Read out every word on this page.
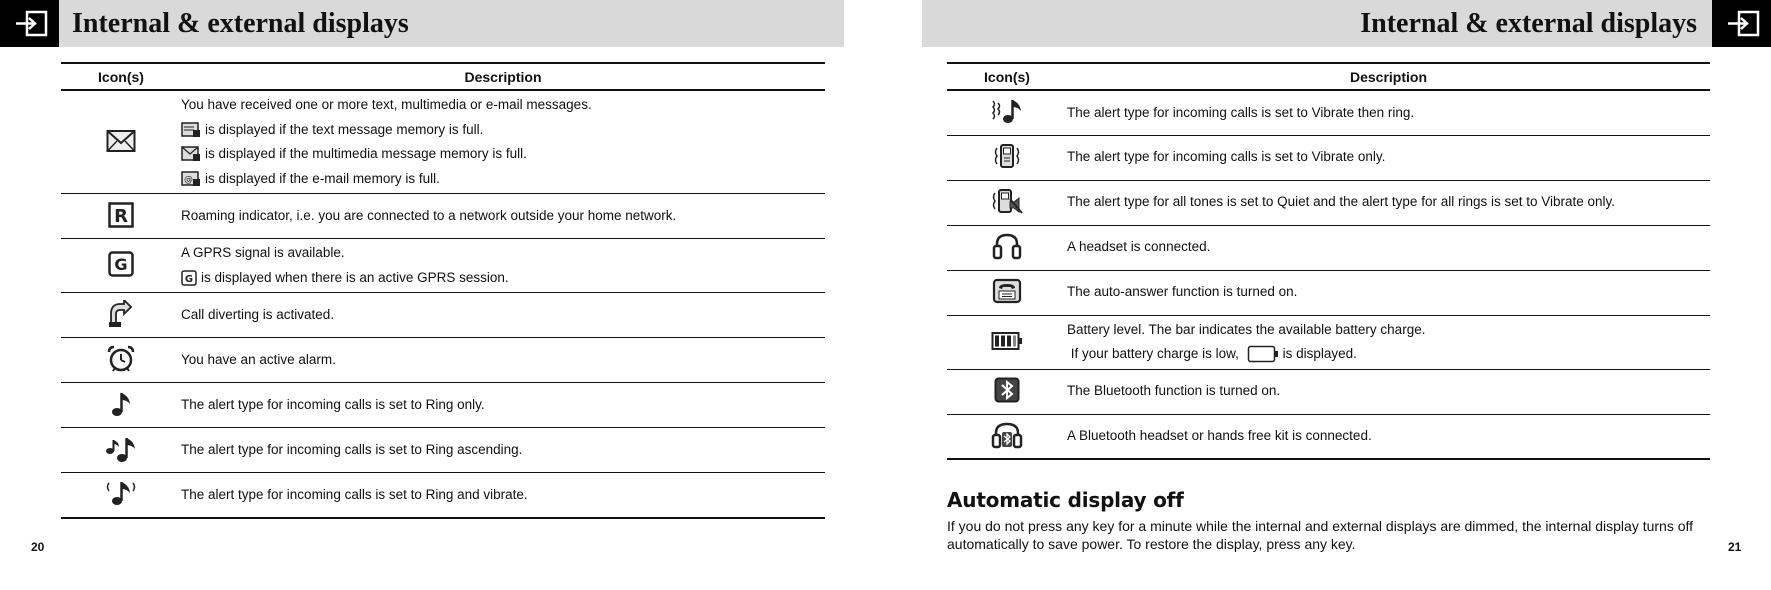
Internal & external displays	Internal & external displays
Icon(s)	Description

You have received one or more text, multimedia or e-mail messages.
is displayed if the text message memory is full.
is displayed if the multimedia message memory is full.
@ is displayed if the e-mail memory is full.

R	Roaming indicator, i.e. you are connected to a network outside your home network.

G	A GPRS signal is available.
G is displayed when there is an active GPRS session.

Call diverting is activated.

You have an active alarm.

The alert type for incoming calls is set to Ring only.

The alert type for incoming calls is set to Ring ascending.

The alert type for incoming calls is set to Ring and vibrate.
Icon(s)	Description

The alert type for incoming calls is set to Vibrate then ring.

The alert type for incoming calls is set to Vibrate only.

The alert type for all tones is set to Quiet and the alert type for all rings is set to Vibrate only.

A headset is connected.

The auto-answer function is turned on.

Battery level. The bar indicates the available battery charge.
If your battery charge is low, is displayed.

The Bluetooth function is turned on.

A Bluetooth headset or hands free kit is connected.
Automatic display off
If you do not press any key for a minute while the internal and external displays are dimmed, the internal display turns off automatically to save power. To restore the display, press any key.
20	21
